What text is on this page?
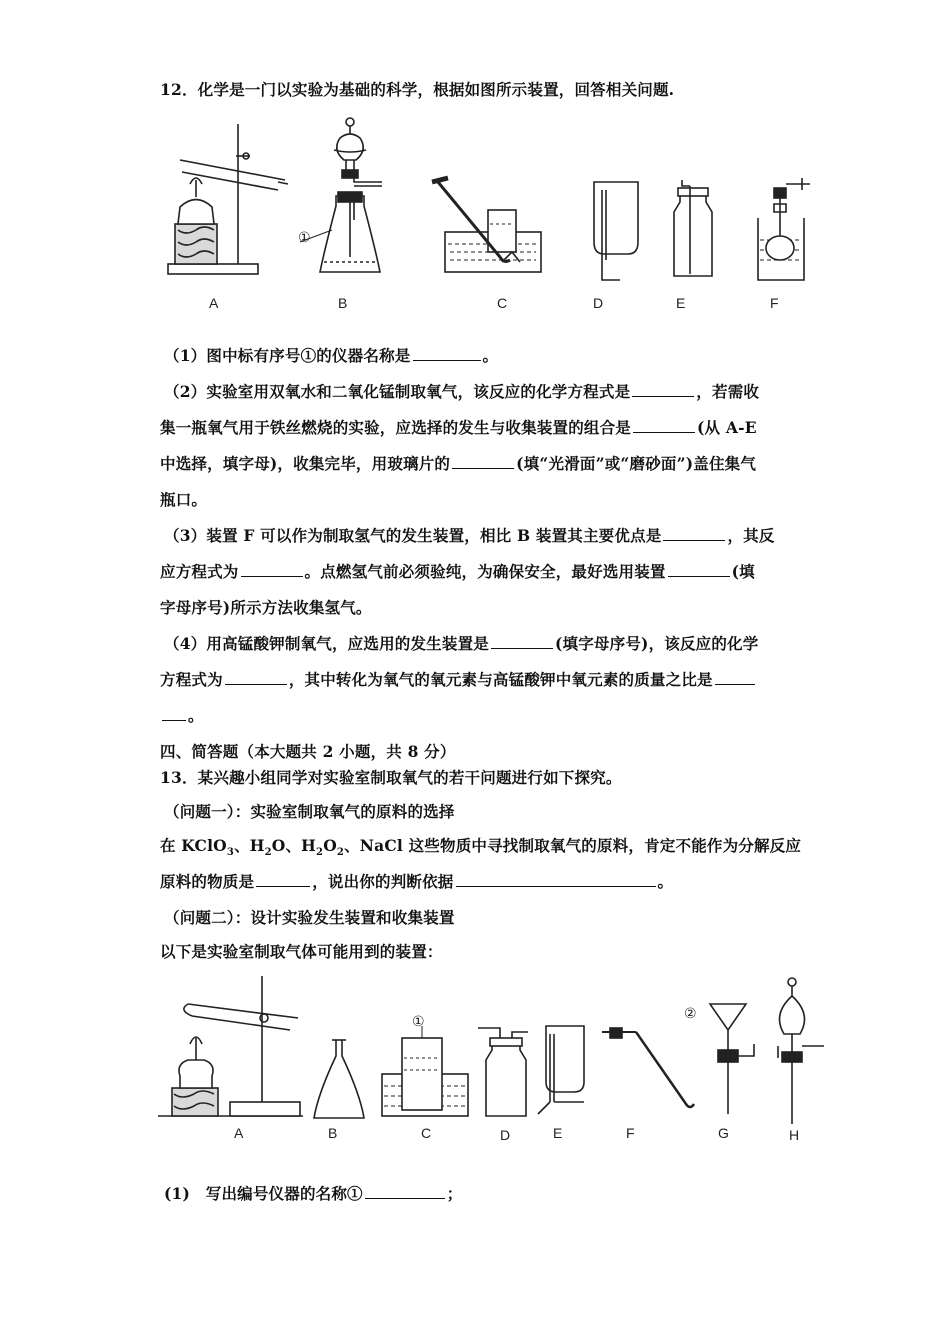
12．化学是一门以实验为基础的科学，根据如图所示装置，回答相关问题.
①
A	B	C	D	E	F
（1）图中标有序号①的仪器名称是	。
（2）实验室用双氧水和二氧化锰制取氧气，该反应的化学方程式是	，若需收
集一瓶氧气用于铁丝燃烧的实验，应选择的发生与收集装置的组合是	(从 A-E
中选择，填字母)，收集完毕，用玻璃片的	(填“光滑面”或“磨砂面”)盖住集气
瓶口。
（3）装置 F 可以作为制取氢气的发生装置，相比 B 装置其主要优点是	，其反
应方程式为	。点燃氢气前必须验纯，为确保安全，最好选用装置	(填
字母序号)所示方法收集氢气。
（4）用高锰酸钾制氧气，应选用的发生装置是	(填字母序号)，该反应的化学
方程式为	，其中转化为氧气的氧元素与高锰酸钾中氧元素的质量之比是
。
四、简答题（本大题共 2 小题，共 8 分）
13．某兴趣小组同学对实验室制取氧气的若干问题进行如下探究。
（问题一）：实验室制取氧气的原料的选择
在 KClO$_3$、$H_2O$、$H_2O_2$、NaCl 这些物质中寻找制取氧气的原料，肯定不能作为分解反应
原料的物质是	，说出你的判断依据	。
（问题二）：设计实验发生装置和收集装置
以下是实验室制取气体可能用到的装置：
①	②
A	B	C	D	E	F	G	H
(1)　写出编号仪器的名称①	；
